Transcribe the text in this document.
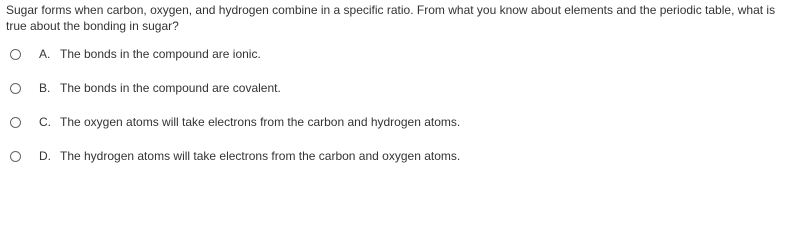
Sugar forms when carbon, oxygen, and hydrogen combine in a specific ratio. From what you know about elements and the periodic table, what is true about the bonding in sugar?

A. The bonds in the compound are ionic.
B. The bonds in the compound are covalent.
C. The oxygen atoms will take electrons from the carbon and hydrogen atoms.
D. The hydrogen atoms will take electrons from the carbon and oxygen atoms.
